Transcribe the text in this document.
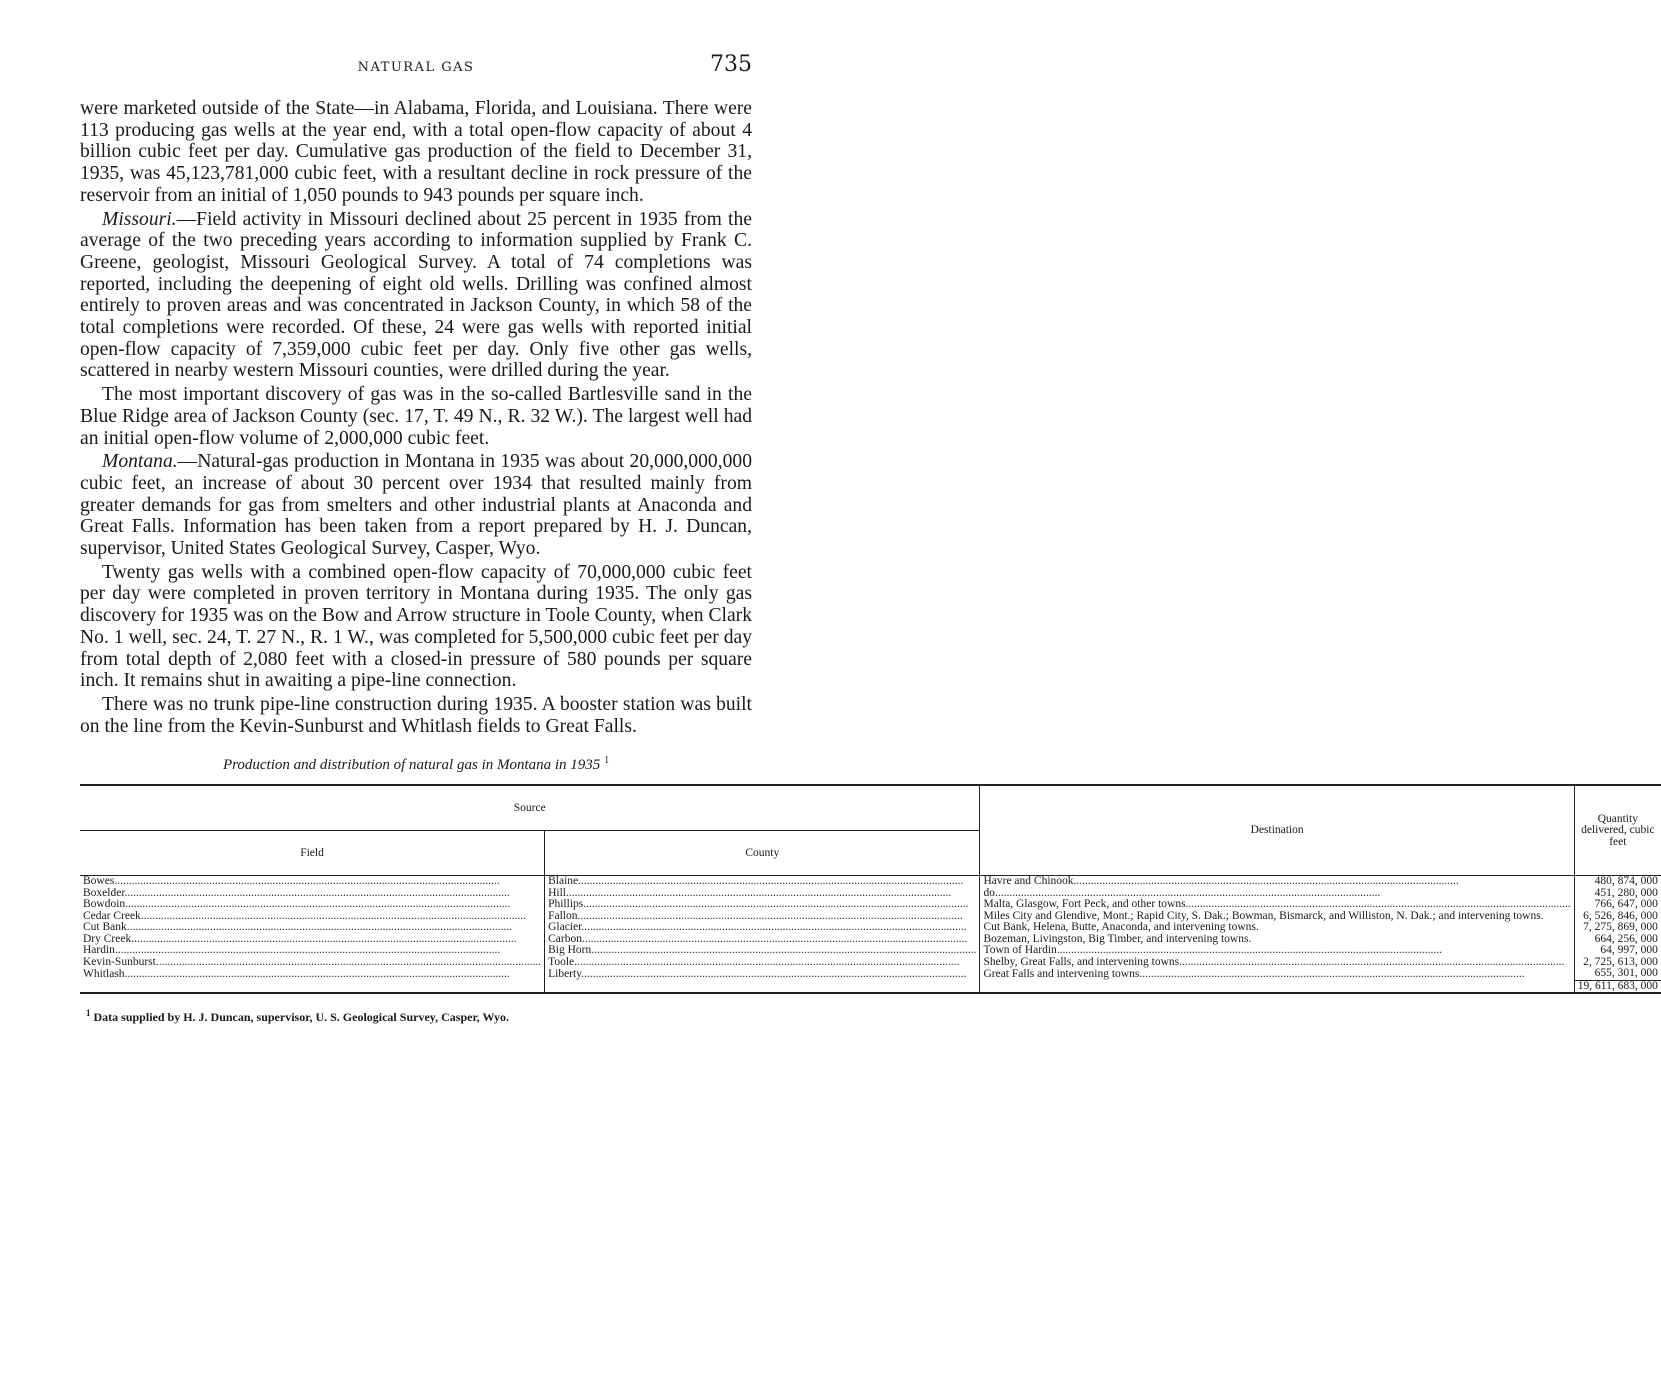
NATURAL GAS	735

were marketed outside of the State—in Alabama, Florida, and Louisiana. There were 113 producing gas wells at the year end, with a total open-flow capacity of about 4 billion cubic feet per day. Cumulative gas production of the field to December 31, 1935, was 45,123,781,000 cubic feet, with a resultant decline in rock pressure of the reservoir from an initial of 1,050 pounds to 943 pounds per square inch.

Missouri.—Field activity in Missouri declined about 25 percent in 1935 from the average of the two preceding years according to information supplied by Frank C. Greene, geologist, Missouri Geological Survey. A total of 74 completions was reported, including the deepening of eight old wells. Drilling was confined almost entirely to proven areas and was concentrated in Jackson County, in which 58 of the total completions were recorded. Of these, 24 were gas wells with reported initial open-flow capacity of 7,359,000 cubic feet per day. Only five other gas wells, scattered in nearby western Missouri counties, were drilled during the year.

The most important discovery of gas was in the so-called Bartlesville sand in the Blue Ridge area of Jackson County (sec. 17, T. 49 N., R. 32 W.). The largest well had an initial open-flow volume of 2,000,000 cubic feet.

Montana.—Natural-gas production in Montana in 1935 was about 20,000,000,000 cubic feet, an increase of about 30 percent over 1934 that resulted mainly from greater demands for gas from smelters and other industrial plants at Anaconda and Great Falls. Information has been taken from a report prepared by H. J. Duncan, supervisor, United States Geological Survey, Casper, Wyo.

Twenty gas wells with a combined open-flow capacity of 70,000,000 cubic feet per day were completed in proven territory in Montana during 1935. The only gas discovery for 1935 was on the Bow and Arrow structure in Toole County, when Clark No. 1 well, sec. 24, T. 27 N., R. 1 W., was completed for 5,500,000 cubic feet per day from total depth of 2,080 feet with a closed-in pressure of 580 pounds per square inch. It remains shut in awaiting a pipe-line connection.

There was no trunk pipe-line construction during 1935. A booster station was built on the line from the Kevin-Sunburst and Whitlash fields to Great Falls.

Production and distribution of natural gas in Montana in 1935 $^1$
Source		Destination	Quantity delivered, cubic feet
Field	County		

Bowes .....	Blaine .....	Havre and Chinook .....	480, 874, 000
Boxelder .....	Hill .....	do .....	451, 280, 000
Bowdoin .....	Phillips .....	Malta, Glasgow, Fort Peck, and other towns .....	766, 647, 000
Cedar Creek .....	Fallon .....	Miles City and Glendive, Mont.; Rapid City, S. Dak.; Bowman, Bismarck, and Williston, N. Dak.; and intervening towns.	6, 526, 846, 000
Cut Bank .....	Glacier .....	Cut Bank, Helena, Butte, Anaconda, and intervening towns.	7, 275, 869, 000
Dry Creek .....	Carbon .....	Bozeman, Livingston, Big Timber, and intervening towns.	664, 256, 000
Hardin .....	Big Horn .....	Town of Hardin .....	64, 997, 000
Kevin-Sunburst .....	Toole .....	Shelby, Great Falls, and intervening towns .....	2, 725, 613, 000
Whitlash .....	Liberty .....	Great Falls and intervening towns .....	655, 301, 000
			19, 611, 683, 000

$^1$ Data supplied by H. J. Duncan, supervisor, U. S. Geological Survey, Casper, Wyo.
